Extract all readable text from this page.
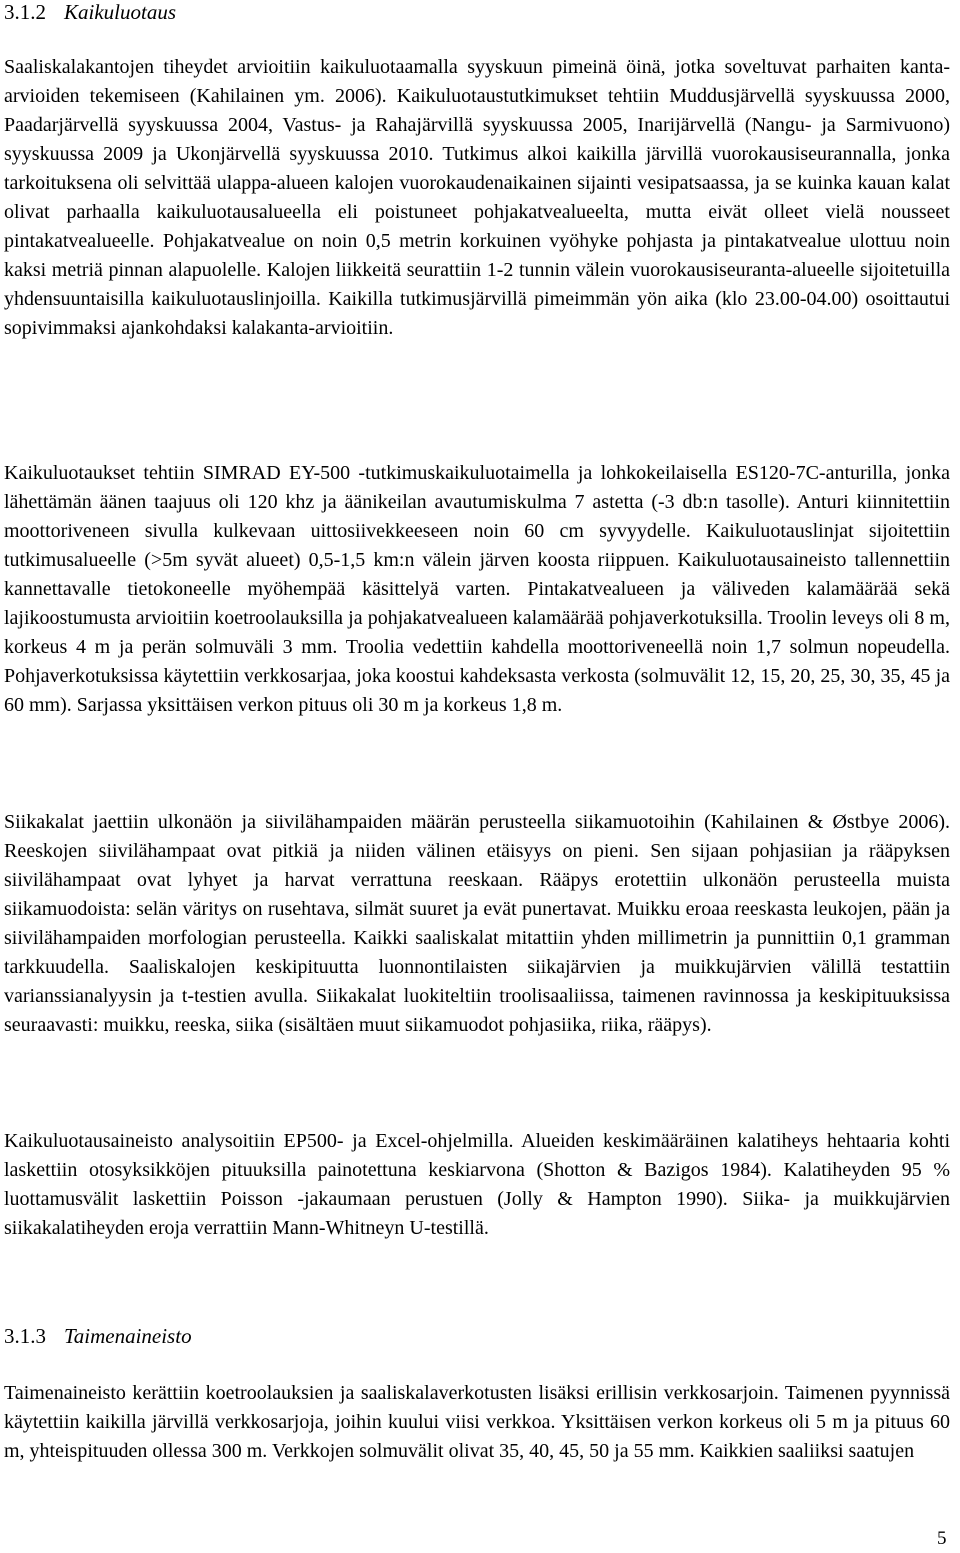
3.1.2 Kaikuluotaus

Saaliskalakantojen tiheydet arvioitiin kaikuluotaamalla syyskuun pimeinä öinä, jotka soveltuvat parhaiten kanta-arvioiden tekemiseen (Kahilainen ym. 2006). Kaikuluotaustutkimukset tehtiin Muddusjärvellä syyskuussa 2000, Paadarjärvellä syyskuussa 2004, Vastus- ja Rahajärvillä syyskuussa 2005, Inarijärvellä (Nangu- ja Sarmivuono) syyskuussa 2009 ja Ukonjärvellä syyskuussa 2010. Tutkimus alkoi kaikilla järvillä vuorokausiseurannalla, jonka tarkoituksena oli selvittää ulappa-alueen kalojen vuorokaudenaikainen sijainti vesipatsaassa, ja se kuinka kauan kalat olivat parhaalla kaikuluotausalueella eli poistuneet pohjakatvealueelta, mutta eivät olleet vielä nousseet pintakatvealueelle. Pohjakatvealue on noin 0,5 metrin korkuinen vyöhyke pohjasta ja pintakatvealue ulottuu noin kaksi metriä pinnan alapuolelle. Kalojen liikkeitä seurattiin 1-2 tunnin välein vuorokausiseuranta-alueelle sijoitetuilla yhdensuuntaisilla kaikuluotauslinjoilla. Kaikilla tutkimusjärvillä pimeimmän yön aika (klo 23.00-04.00) osoittautui sopivimmaksi ajankohdaksi kalakanta-arvioitiin.

Kaikuluotaukset tehtiin SIMRAD EY-500 -tutkimuskaikuluotaimella ja lohkokeilaisella ES120-7C-anturilla, jonka lähettämän äänen taajuus oli 120 khz ja äänikeilan avautumiskulma 7 astetta (-3 db:n tasolle). Anturi kiinnitettiin moottoriveneen sivulla kulkevaan uittosiivekkeeseen noin 60 cm syvyydelle. Kaikuluotauslinjat sijoitettiin tutkimusalueelle (>5m syvät alueet) 0,5-1,5 km:n välein järven koosta riippuen. Kaikuluotausaineisto tallennettiin kannettavalle tietokoneelle myöhempää käsittelyä varten. Pintakatvealueen ja väliveden kalamäärää sekä lajikoostumusta arvioitiin koetroolauksilla ja pohjakatvealueen kalamäärää pohjaverkotuksilla. Troolin leveys oli 8 m, korkeus 4 m ja perän solmuväli 3 mm. Troolia vedettiin kahdella moottoriveneellä noin 1,7 solmun nopeudella. Pohjaverkotuksissa käytettiin verkkosarjaa, joka koostui kahdeksasta verkosta (solmuvälit 12, 15, 20, 25, 30, 35, 45 ja 60 mm). Sarjassa yksittäisen verkon pituus oli 30 m ja korkeus 1,8 m.

Siikakalat jaettiin ulkonäön ja siivilähampaiden määrän perusteella siikamuotoihin (Kahilainen & Østbye 2006). Reeskojen siivilähampaat ovat pitkiä ja niiden välinen etäisyys on pieni. Sen sijaan pohjasiian ja rääpyksen siivilähampaat ovat lyhyet ja harvat verrattuna reeskaan. Rääpys erotettiin ulkonäön perusteella muista siikamuodoista: selän väritys on rusehtava, silmät suuret ja evät punertavat. Muikku eroaa reeskasta leukojen, pään ja siivilähampaiden morfologian perusteella. Kaikki saaliskalat mitattiin yhden millimetrin ja punnittiin 0,1 gramman tarkkuudella. Saaliskalojen keskipituutta luonnontilaisten siikajärvien ja muikkujärvien välillä testattiin varianssianalyysin ja t-testien avulla. Siikakalat luokiteltiin troolisaaliissa, taimenen ravinnossa ja keskipituuksissa seuraavasti: muikku, reeska, siika (sisältäen muut siikamuodot pohjasiika, riika, rääpys).

Kaikuluotausaineisto analysoitiin EP500- ja Excel-ohjelmilla. Alueiden keskimääräinen kalatiheys hehtaaria kohti laskettiin otosyksikköjen pituuksilla painotettuna keskiarvona (Shotton & Bazigos 1984). Kalatiheyden 95 % luottamusvälit laskettiin Poisson -jakaumaan perustuen (Jolly & Hampton 1990). Siika- ja muikkujärvien siikakalatiheyden eroja verrattiin Mann-Whitneyn U-testillä.

3.1.3 Taimenaineisto

Taimenaineisto kerättiin koetroolauksien ja saaliskalaverkotusten lisäksi erillisin verkkosarjoin. Taimenen pyynnissä käytettiin kaikilla järvillä verkkosarjoja, joihin kuului viisi verkkoa. Yksittäisen verkon korkeus oli 5 m ja pituus 60 m, yhteispituuden ollessa 300 m. Verkkojen solmuvälit olivat 35, 40, 45, 50 ja 55 mm. Kaikkien saaliiksi saatujen

5
